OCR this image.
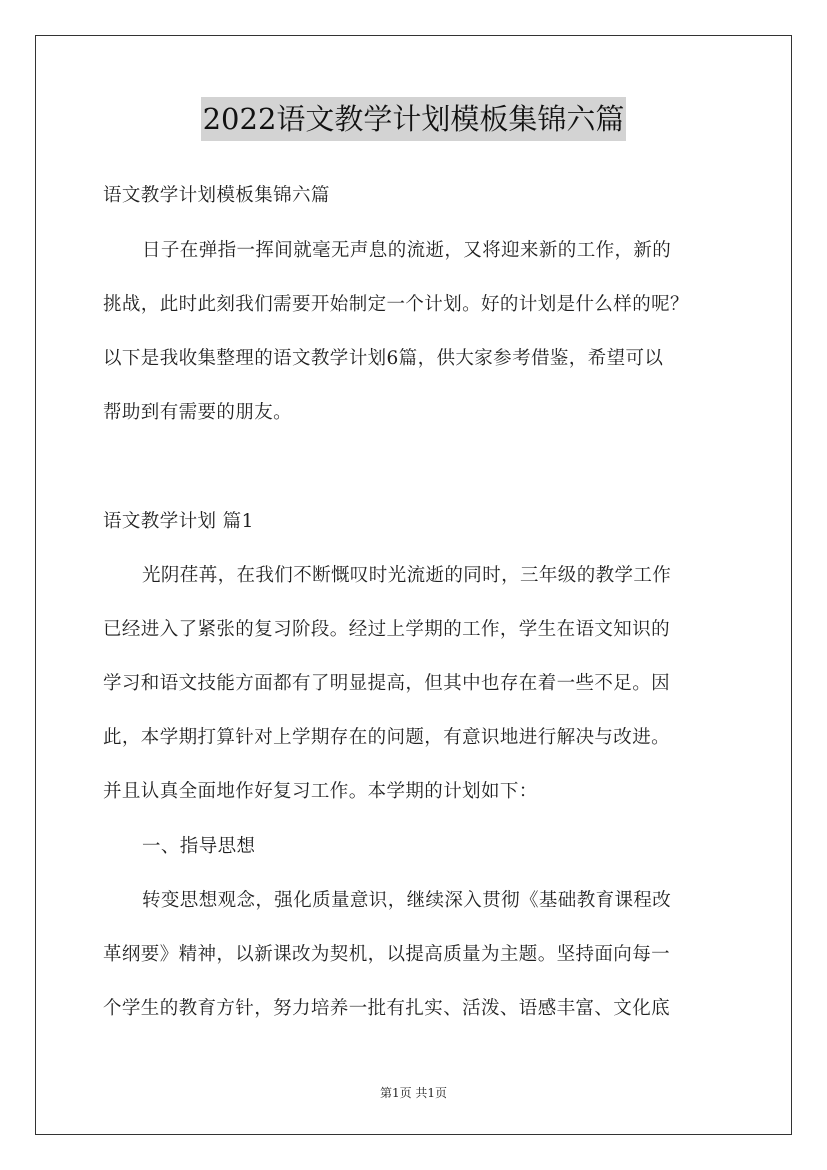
2022语文教学计划模板集锦六篇
语文教学计划模板集锦六篇
日子在弹指一挥间就毫无声息的流逝，又将迎来新的工作，新的
挑战，此时此刻我们需要开始制定一个计划。好的计划是什么样的呢？
以下是我收集整理的语文教学计划6篇，供大家参考借鉴，希望可以
帮助到有需要的朋友。
语文教学计划 篇1
光阴荏苒，在我们不断慨叹时光流逝的同时，三年级的教学工作
已经进入了紧张的复习阶段。经过上学期的工作，学生在语文知识的
学习和语文技能方面都有了明显提高，但其中也存在着一些不足。因
此，本学期打算针对上学期存在的问题，有意识地进行解决与改进。
并且认真全面地作好复习工作。本学期的计划如下：
一、指导思想
转变思想观念，强化质量意识，继续深入贯彻《基础教育课程改
革纲要》精神，以新课改为契机，以提高质量为主题。坚持面向每一
个学生的教育方针，努力培养一批有扎实、活泼、语感丰富、文化底
第1页 共1页
